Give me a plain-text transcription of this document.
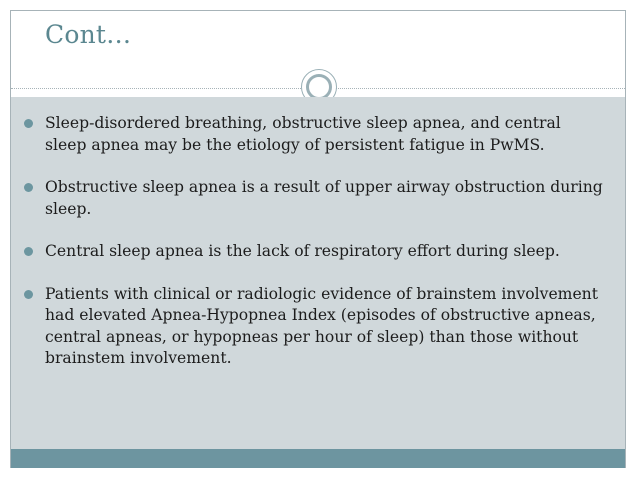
Cont…
Sleep-disordered breathing, obstructive sleep apnea, and central sleep apnea may be the etiology of persistent fatigue in PwMS.
Obstructive sleep apnea is a result of upper airway obstruction during sleep.
Central sleep apnea is the lack of respiratory effort during sleep.
Patients with clinical or radiologic evidence of brainstem involvement had elevated Apnea-Hypopnea Index (episodes of obstructive apneas, central apneas, or hypopneas per hour of sleep) than those without brainstem involvement.
